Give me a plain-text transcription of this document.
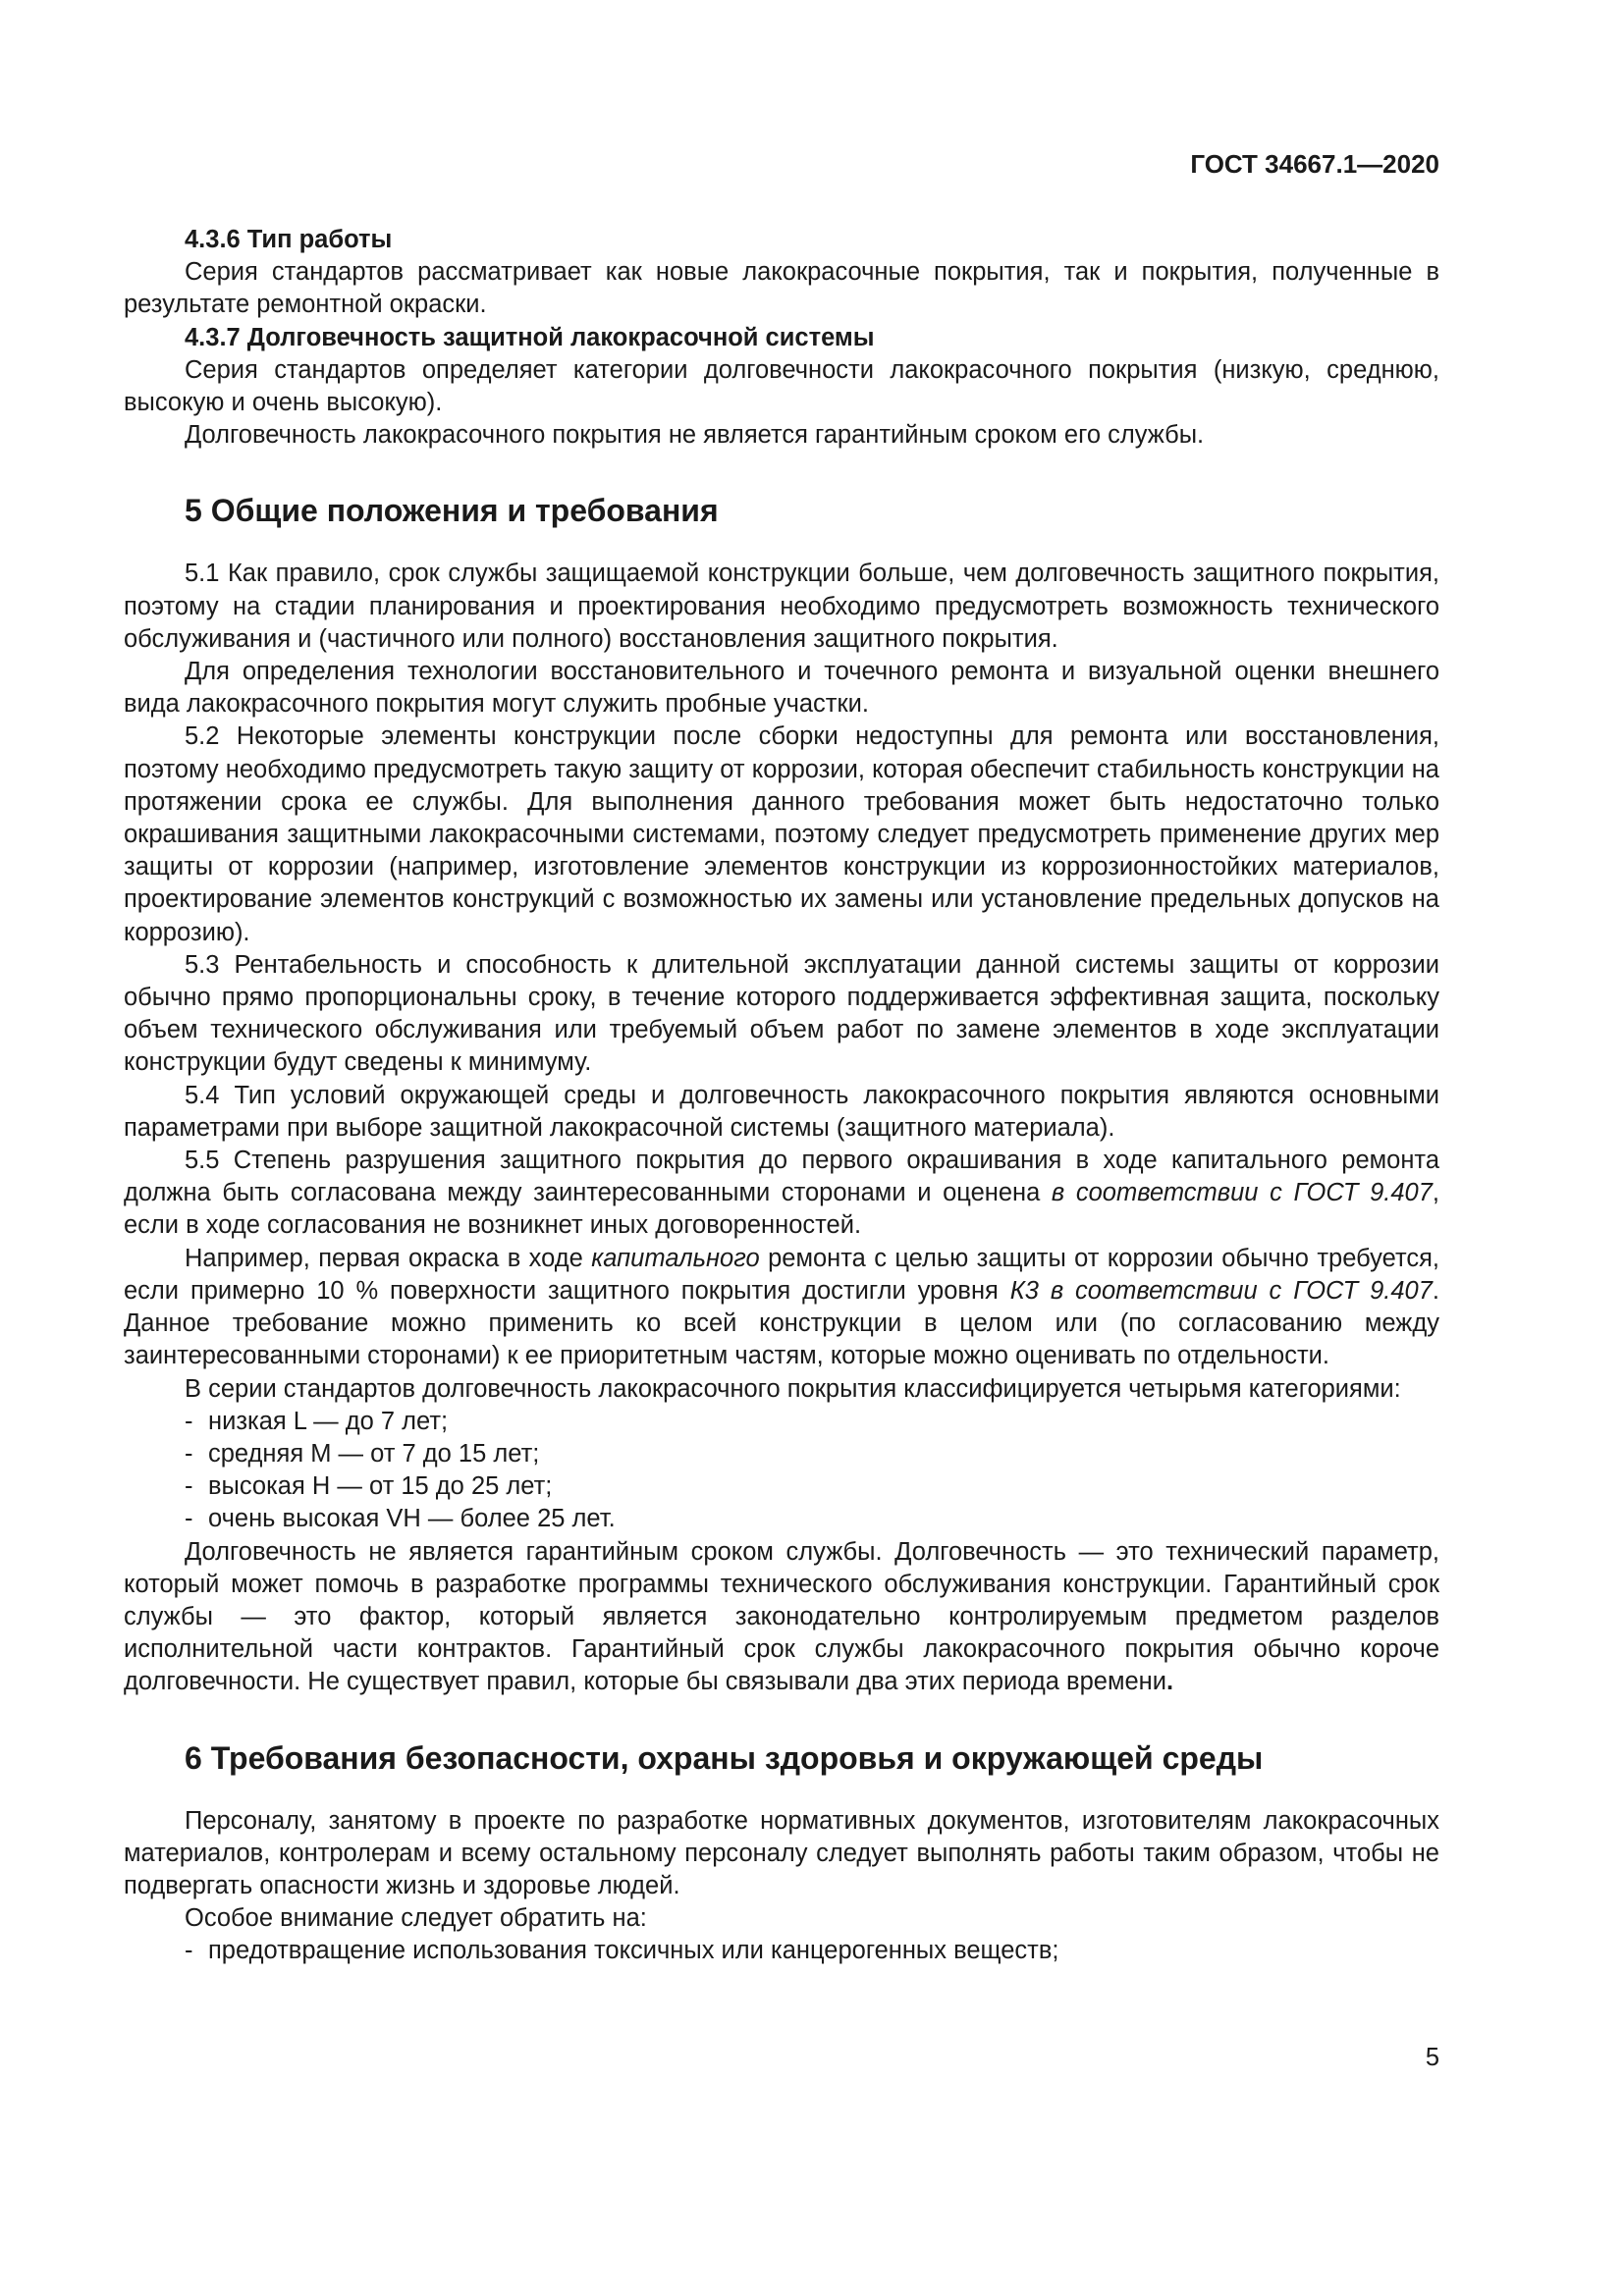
ГОСТ 34667.1—2020

4.3.6 Тип работы

Серия стандартов рассматривает как новые лакокрасочные покрытия, так и покрытия, полученные в результате ремонтной окраски.

4.3.7 Долговечность защитной лакокрасочной системы

Серия стандартов определяет категории долговечности лакокрасочного покрытия (низкую, среднюю, высокую и очень высокую).

Долговечность лакокрасочного покрытия не является гарантийным сроком его службы.

5 Общие положения и требования

5.1 Как правило, срок службы защищаемой конструкции больше, чем долговечность защитного покрытия, поэтому на стадии планирования и проектирования необходимо предусмотреть возможность технического обслуживания и (частичного или полного) восстановления защитного покрытия.

Для определения технологии восстановительного и точечного ремонта и визуальной оценки внешнего вида лакокрасочного покрытия могут служить пробные участки.

5.2 Некоторые элементы конструкции после сборки недоступны для ремонта или восстановления, поэтому необходимо предусмотреть такую защиту от коррозии, которая обеспечит стабильность конструкции на протяжении срока ее службы. Для выполнения данного требования может быть недостаточно только окрашивания защитными лакокрасочными системами, поэтому следует предусмотреть применение других мер защиты от коррозии (например, изготовление элементов конструкции из коррозионностойких материалов, проектирование элементов конструкций с возможностью их замены или установление предельных допусков на коррозию).

5.3 Рентабельность и способность к длительной эксплуатации данной системы защиты от коррозии обычно прямо пропорциональны сроку, в течение которого поддерживается эффективная защита, поскольку объем технического обслуживания или требуемый объем работ по замене элементов в ходе эксплуатации конструкции будут сведены к минимуму.

5.4 Тип условий окружающей среды и долговечность лакокрасочного покрытия являются основными параметрами при выборе защитной лакокрасочной системы (защитного материала).

5.5 Степень разрушения защитного покрытия до первого окрашивания в ходе капитального ремонта должна быть согласована между заинтересованными сторонами и оценена в соответствии с ГОСТ 9.407, если в ходе согласования не возникнет иных договоренностей.

Например, первая окраска в ходе капитального ремонта с целью защиты от коррозии обычно требуется, если примерно 10 % поверхности защитного покрытия достигли уровня К3 в соответствии с ГОСТ 9.407. Данное требование можно применить ко всей конструкции в целом или (по согласованию между заинтересованными сторонами) к ее приоритетным частям, которые можно оценивать по отдельности.

В серии стандартов долговечность лакокрасочного покрытия классифицируется четырьмя категориями:

- низкая L — до 7 лет;

- средняя М — от 7 до 15 лет;

- высокая Н — от 15 до 25 лет;

- очень высокая VH — более 25 лет.

Долговечность не является гарантийным сроком службы. Долговечность — это технический параметр, который может помочь в разработке программы технического обслуживания конструкции. Гарантийный срок службы — это фактор, который является законодательно контролируемым предметом разделов исполнительной части контрактов. Гарантийный срок службы лакокрасочного покрытия обычно короче долговечности. Не существует правил, которые бы связывали два этих периода времени.

6 Требования безопасности, охраны здоровья и окружающей среды

Персоналу, занятому в проекте по разработке нормативных документов, изготовителям лакокрасочных материалов, контролерам и всему остальному персоналу следует выполнять работы таким образом, чтобы не подвергать опасности жизнь и здоровье людей.

Особое внимание следует обратить на:

- предотвращение использования токсичных или канцерогенных веществ;

5
